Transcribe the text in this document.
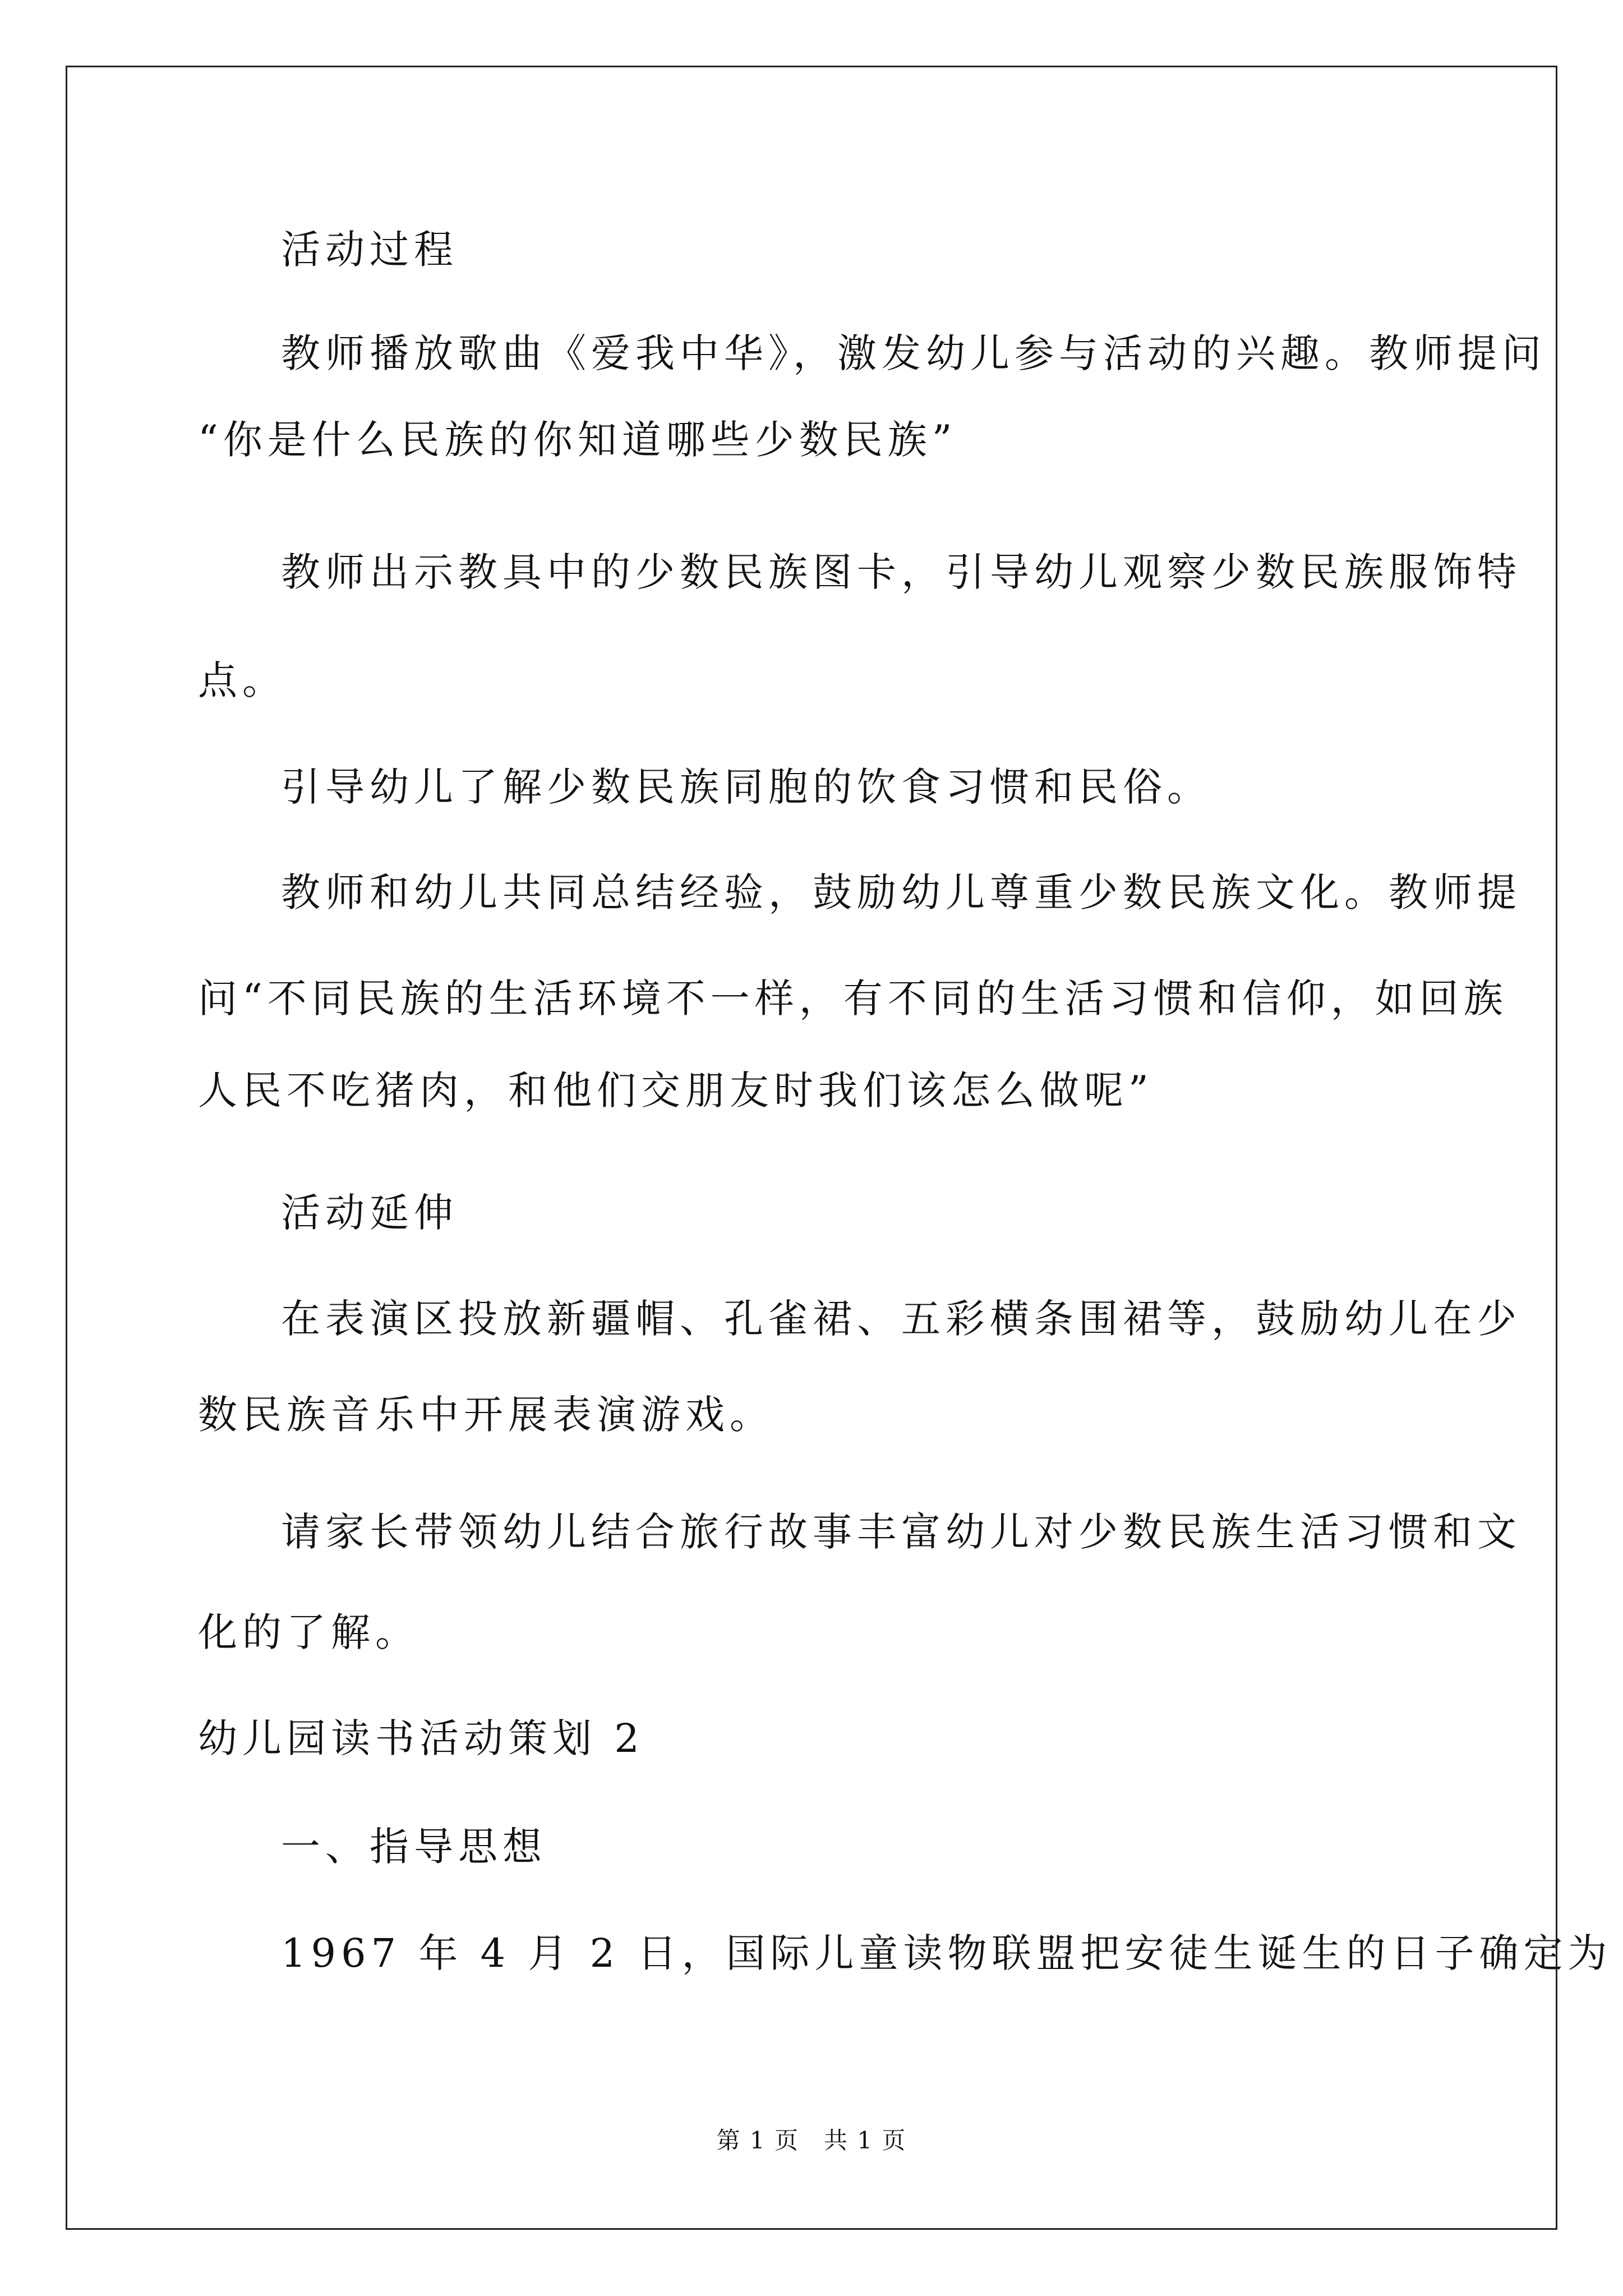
活动过程
教师播放歌曲《爱我中华》，激发幼儿参与活动的兴趣。教师提问
“你是什么民族的你知道哪些少数民族”
教师出示教具中的少数民族图卡，引导幼儿观察少数民族服饰特
点。
引导幼儿了解少数民族同胞的饮食习惯和民俗。
教师和幼儿共同总结经验，鼓励幼儿尊重少数民族文化。教师提
问“不同民族的生活环境不一样，有不同的生活习惯和信仰，如回族
人民不吃猪肉，和他们交朋友时我们该怎么做呢”
活动延伸
在表演区投放新疆帽、孔雀裙、五彩横条围裙等，鼓励幼儿在少
数民族音乐中开展表演游戏。
请家长带领幼儿结合旅行故事丰富幼儿对少数民族生活习惯和文
化的了解。
幼儿园读书活动策划 2
一、指导思想
1967 年 4 月 2 日，国际儿童读物联盟把安徒生诞生的日子确定为
第 1 页　共 1 页
